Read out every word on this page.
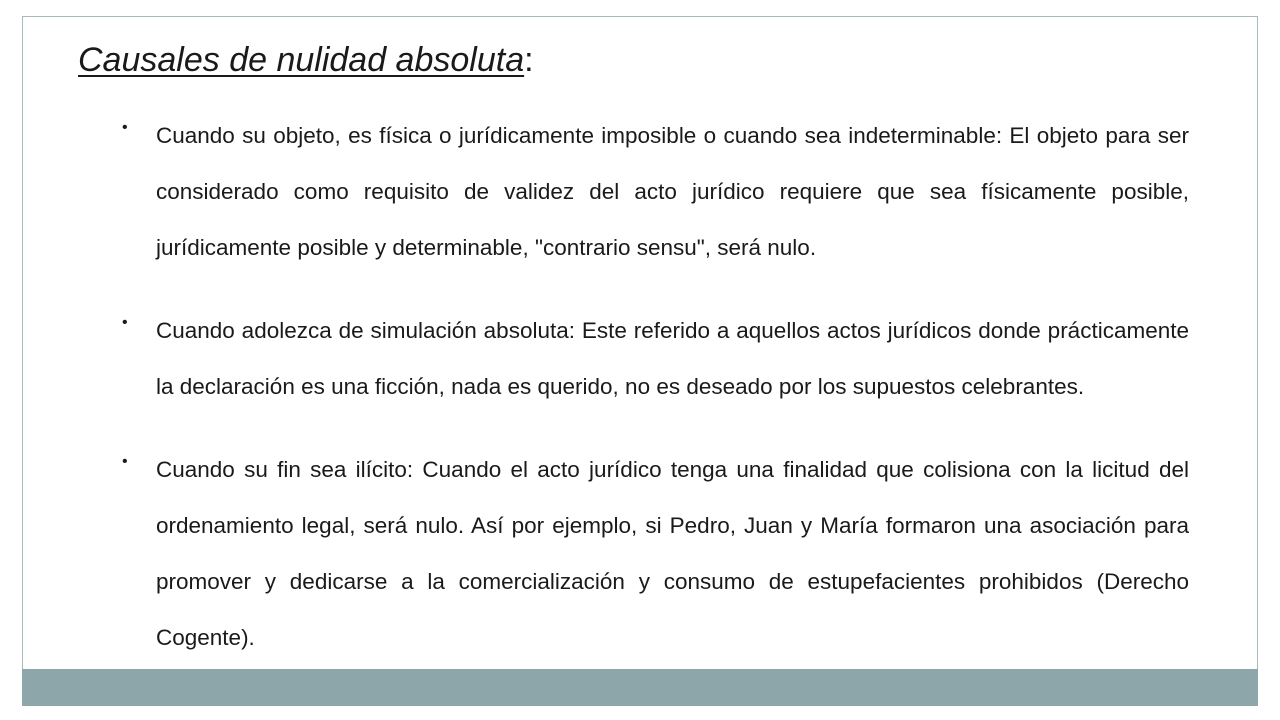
Causales de nulidad absoluta:
• Cuando su objeto, es física o jurídicamente imposible o cuando sea indeterminable: El objeto para ser considerado como requisito de validez del acto jurídico requiere que sea físicamente posible, jurídicamente posible y determinable, "contrario sensu", será nulo.
• Cuando adolezca de simulación absoluta: Este referido a aquellos actos jurídicos donde prácticamente la declaración es una ficción, nada es querido, no es deseado por los supuestos celebrantes.
• Cuando su fin sea ilícito: Cuando el acto jurídico tenga una finalidad que colisiona con la licitud del ordenamiento legal, será nulo. Así por ejemplo, si Pedro, Juan y María formaron una asociación para promover y dedicarse a la comercialización y consumo de estupefacientes prohibidos (Derecho Cogente).
